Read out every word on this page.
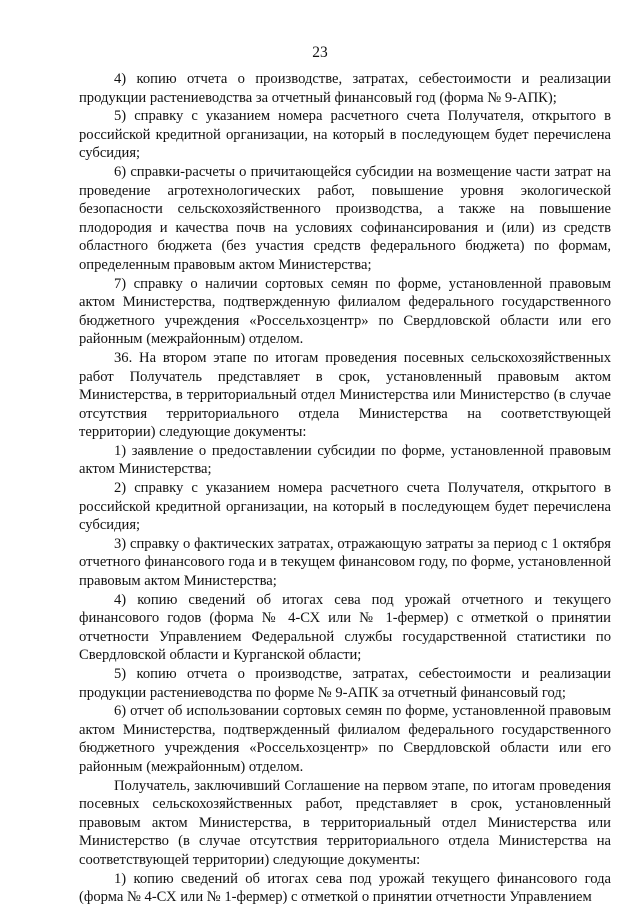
23

4) копию отчета о производстве, затратах, себестоимости и реализации продукции растениеводства за отчетный финансовый год (форма № 9-АПК);

5) справку с указанием номера расчетного счета Получателя, открытого в российской кредитной организации, на который в последующем будет перечислена субсидия;

6) справки-расчеты о причитающейся субсидии на возмещение части затрат на проведение агротехнологических работ, повышение уровня экологической безопасности сельскохозяйственного производства, а также на повышение плодородия и качества почв на условиях софинансирования и (или) из средств областного бюджета (без участия средств федерального бюджета) по формам, определенным правовым актом Министерства;

7) справку о наличии сортовых семян по форме, установленной правовым актом Министерства, подтвержденную филиалом федерального государственного бюджетного учреждения «Россельхозцентр» по Свердловской области или его районным (межрайонным) отделом.

36. На втором этапе по итогам проведения посевных сельскохозяйственных работ Получатель представляет в срок, установленный правовым актом Министерства, в территориальный отдел Министерства или Министерство (в случае отсутствия территориального отдела Министерства на соответствующей территории) следующие документы:

1) заявление о предоставлении субсидии по форме, установленной правовым актом Министерства;

2) справку с указанием номера расчетного счета Получателя, открытого в российской кредитной организации, на который в последующем будет перечислена субсидия;

3) справку о фактических затратах, отражающую затраты за период с 1 октября отчетного финансового года и в текущем финансовом году, по форме, установленной правовым актом Министерства;

4) копию сведений об итогах сева под урожай отчетного и текущего финансового годов (форма № 4-СХ или № 1-фермер) с отметкой о принятии отчетности Управлением Федеральной службы государственной статистики по Свердловской области и Курганской области;

5) копию отчета о производстве, затратах, себестоимости и реализации продукции растениеводства по форме № 9-АПК за отчетный финансовый год;

6) отчет об использовании сортовых семян по форме, установленной правовым актом Министерства, подтвержденный филиалом федерального государственного бюджетного учреждения «Россельхозцентр» по Свердловской области или его районным (межрайонным) отделом.

Получатель, заключивший Соглашение на первом этапе, по итогам проведения посевных сельскохозяйственных работ, представляет в срок, установленный правовым актом Министерства, в территориальный отдел Министерства или Министерство (в случае отсутствия территориального отдела Министерства на соответствующей территории) следующие документы:

1) копию сведений об итогах сева под урожай текущего финансового года (форма № 4-СХ или № 1-фермер) с отметкой о принятии отчетности Управлением
